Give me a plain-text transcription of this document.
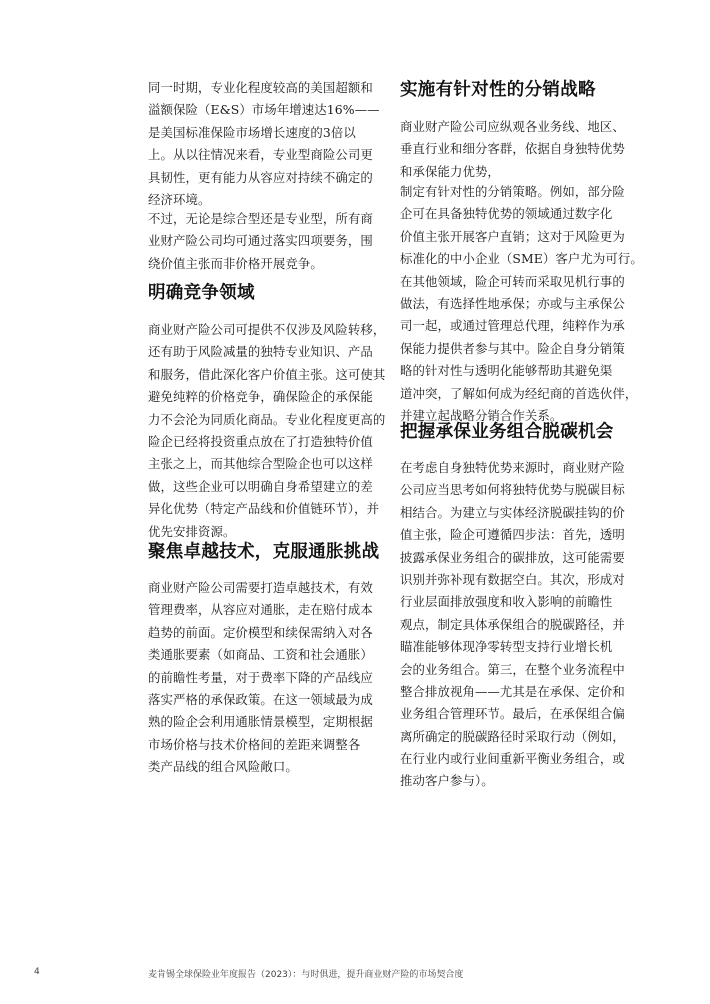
同一时期，专业化程度较高的美国超额和
溢额保险（E&S）市场年增速达16%——
是美国标准保险市场增长速度的3倍以
上。从以往情况来看，专业型商险公司更
具韧性，更有能力从容应对持续不确定的
经济环境。
不过，无论是综合型还是专业型，所有商
业财产险公司均可通过落实四项要务，围
绕价值主张而非价格开展竞争。
明确竞争领域
商业财产险公司可提供不仅涉及风险转移，
还有助于风险减量的独特专业知识、产品
和服务，借此深化客户价值主张。这可使其
避免纯粹的价格竞争，确保险企的承保能
力不会沦为同质化商品。专业化程度更高的
险企已经将投资重点放在了打造独特价值
主张之上，而其他综合型险企也可以这样
做，这些企业可以明确自身希望建立的差
异化优势（特定产品线和价值链环节），并
优先安排资源。
聚焦卓越技术，克服通胀挑战
商业财产险公司需要打造卓越技术，有效
管理费率，从容应对通胀，走在赔付成本
趋势的前面。定价模型和续保需纳入对各
类通胀要素（如商品、工资和社会通胀）
的前瞻性考量，对于费率下降的产品线应
落实严格的承保政策。在这一领域最为成
熟的险企会利用通胀情景模型，定期根据
市场价格与技术价格间的差距来调整各
类产品线的组合风险敞口。
实施有针对性的分销战略
商业财产险公司应纵观各业务线、地区、
垂直行业和细分客群，依据自身独特优势
和承保能力优势，
制定有针对性的分销策略。例如，部分险
企可在具备独特优势的领域通过数字化
价值主张开展客户直销；这对于风险更为
标准化的中小企业（SME）客户尤为可行。
在其他领域，险企可转而采取见机行事的
做法，有选择性地承保；亦或与主承保公
司一起，或通过管理总代理，纯粹作为承
保能力提供者参与其中。险企自身分销策
略的针对性与透明化能够帮助其避免渠
道冲突，了解如何成为经纪商的首选伙伴，
并建立起战略分销合作关系。
把握承保业务组合脱碳机会
在考虑自身独特优势来源时，商业财产险
公司应当思考如何将独特优势与脱碳目标
相结合。为建立与实体经济脱碳挂钩的价
值主张，险企可遵循四步法：首先，透明
披露承保业务组合的碳排放，这可能需要
识别并弥补现有数据空白。其次，形成对
行业层面排放强度和收入影响的前瞻性
观点，制定具体承保组合的脱碳路径，并
瞄准能够体现净零转型支持行业增长机
会的业务组合。第三，在整个业务流程中
整合排放视角——尤其是在承保、定价和
业务组合管理环节。最后，在承保组合偏
离所确定的脱碳路径时采取行动（例如，
在行业内或行业间重新平衡业务组合，或
推动客户参与）。
4	麦肯锡全球保险业年度报告（2023）：与时俱进，提升商业财产险的市场契合度
